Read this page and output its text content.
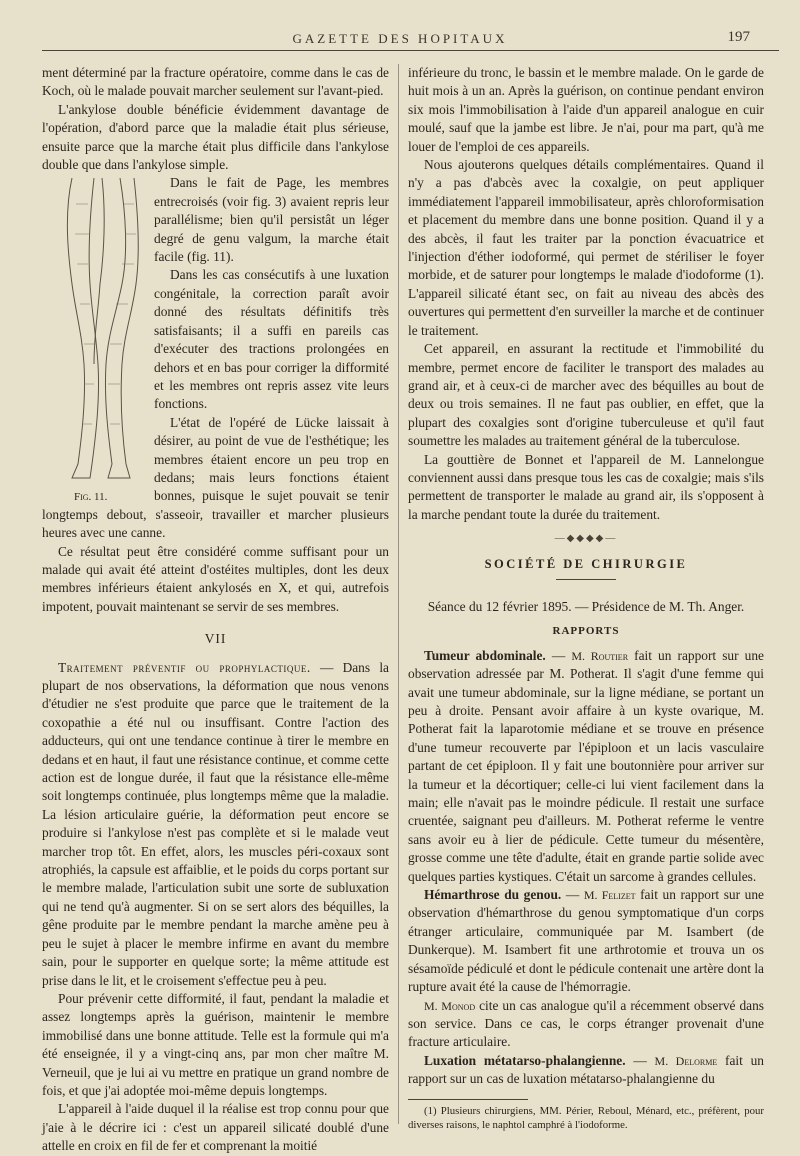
GAZETTE DES HOPITAUX	197

ment déterminé par la fracture opératoire, comme dans le cas de Koch, où le malade pouvait marcher seulement sur l'avant-pied.

L'ankylose double bénéficie évidemment davantage de l'opération, d'abord parce que la maladie était plus sérieuse, ensuite parce que la marche était plus difficile dans l'ankylose double que dans l'ankylose simple.

Fig. 11.

Dans le fait de Page, les membres entrecroisés (voir fig. 3) avaient repris leur parallélisme; bien qu'il persistât un léger degré de genu valgum, la marche était facile (fig. 11).

Dans les cas consécutifs à une luxation congénitale, la correction paraît avoir donné des résultats définitifs très satisfaisants; il a suffi en pareils cas d'exécuter des tractions prolongées en dehors et en bas pour corriger la difformité et les membres ont repris assez vite leurs fonctions.

L'état de l'opéré de Lücke laissait à désirer, au point de vue de l'esthétique; les membres étaient encore un peu trop en dedans; mais leurs fonctions étaient bonnes, puisque le sujet pouvait se tenir longtemps debout, s'asseoir, travailler et marcher plusieurs heures avec une canne.

Ce résultat peut être considéré comme suffisant pour un malade qui avait été atteint d'ostéites multiples, dont les deux membres inférieurs étaient ankylosés en X, et qui, autrefois impotent, pouvait maintenant se servir de ses membres.

VII

Traitement préventif ou prophylactique. — Dans la plupart de nos observations, la déformation que nous venons d'étudier ne s'est produite que parce que le traitement de la coxopathie a été nul ou insuffisant. Contre l'action des adducteurs, qui ont une tendance continue à tirer le membre en dedans et en haut, il faut une résistance continue, et comme cette action est de longue durée, il faut que la résistance elle-même soit longtemps continuée, plus longtemps même que la maladie. La lésion articulaire guérie, la déformation peut encore se produire si l'ankylose n'est pas complète et si le malade veut marcher trop tôt. En effet, alors, les muscles péri-coxaux sont atrophiés, la capsule est affaiblie, et le poids du corps portant sur le membre malade, l'articulation subit une sorte de subluxation qui ne tend qu'à augmenter. Si on se sert alors des béquilles, la gêne produite par le membre pendant la marche amène peu à peu le sujet à placer le membre infirme en avant du membre sain, pour le supporter en quelque sorte; la même attitude est prise dans le lit, et le croisement s'effectue peu à peu.

Pour prévenir cette difformité, il faut, pendant la maladie et assez longtemps après la guérison, maintenir le membre immobilisé dans une bonne attitude. Telle est la formule qui m'a été enseignée, il y a vingt-cinq ans, par mon cher maître M. Verneuil, que je lui ai vu mettre en pratique un grand nombre de fois, et que j'ai adoptée moi-même depuis longtemps.

L'appareil à l'aide duquel il la réalise est trop connu pour que j'aie à le décrire ici : c'est un appareil silicaté doublé d'une attelle en croix en fil de fer et comprenant la moitié

inférieure du tronc, le bassin et le membre malade. On le garde de huit mois à un an. Après la guérison, on continue pendant environ six mois l'immobilisation à l'aide d'un appareil analogue en cuir moulé, sauf que la jambe est libre. Je n'ai, pour ma part, qu'à me louer de l'emploi de ces appareils.

Nous ajouterons quelques détails complémentaires. Quand il n'y a pas d'abcès avec la coxalgie, on peut appliquer immédiatement l'appareil immobilisateur, après chloroformisation et placement du membre dans une bonne position. Quand il y a des abcès, il faut les traiter par la ponction évacuatrice et l'injection d'éther iodoformé, qui permet de stériliser le foyer morbide, et de saturer pour longtemps le malade d'iodoforme (1). L'appareil silicaté étant sec, on fait au niveau des abcès des ouvertures qui permettent d'en surveiller la marche et de continuer le traitement.

Cet appareil, en assurant la rectitude et l'immobilité du membre, permet encore de faciliter le transport des malades au grand air, et à ceux-ci de marcher avec des béquilles au bout de deux ou trois semaines. Il ne faut pas oublier, en effet, que la plupart des coxalgies sont d'origine tuberculeuse et qu'il faut soumettre les malades au traitement général de la tuberculose.

La gouttière de Bonnet et l'appareil de M. Lannelongue conviennent aussi dans presque tous les cas de coxalgie; mais s'ils permettent de transporter le malade au grand air, ils s'opposent à la marche pendant toute la durée du traitement.

—◆◆◆◆—
SOCIÉTÉ DE CHIRURGIE
Séance du 12 février 1895. — Présidence de M. Th. Anger.
RAPPORTS

Tumeur abdominale. — M. Routier fait un rapport sur une observation adressée par M. Potherat. Il s'agit d'une femme qui avait une tumeur abdominale, sur la ligne médiane, se portant un peu à droite. Pensant avoir affaire à un kyste ovarique, M. Potherat fait la laparotomie médiane et se trouve en présence d'une tumeur recouverte par l'épiploon et un lacis vasculaire partant de cet épiploon. Il y fait une boutonnière pour arriver sur la tumeur et la décortiquer; celle-ci lui vient facilement dans la main; elle n'avait pas le moindre pédicule. Il restait une surface cruentée, saignant peu d'ailleurs. M. Potherat referme le ventre sans avoir eu à lier de pédicule. Cette tumeur du mésentère, grosse comme une tête d'adulte, était en grande partie solide avec quelques parties kystiques. C'était un sarcome à grandes cellules.

Hémarthrose du genou. — M. Felizet fait un rapport sur une observation d'hémarthrose du genou symptomatique d'un corps étranger articulaire, communiquée par M. Isambert (de Dunkerque). M. Isambert fit une arthrotomie et trouva un os sésamoïde pédiculé et dont le pédicule contenait une artère dont la rupture avait été la cause de l'hémorragie.

M. Monod cite un cas analogue qu'il a récemment observé dans son service. Dans ce cas, le corps étranger provenait d'une fracture articulaire.

Luxation métatarso-phalangienne. — M. Delorme fait un rapport sur un cas de luxation métatarso-phalangienne du

(1) Plusieurs chirurgiens, MM. Périer, Reboul, Ménard, etc., préfèrent, pour diverses raisons, le naphtol camphré à l'iodoforme.
